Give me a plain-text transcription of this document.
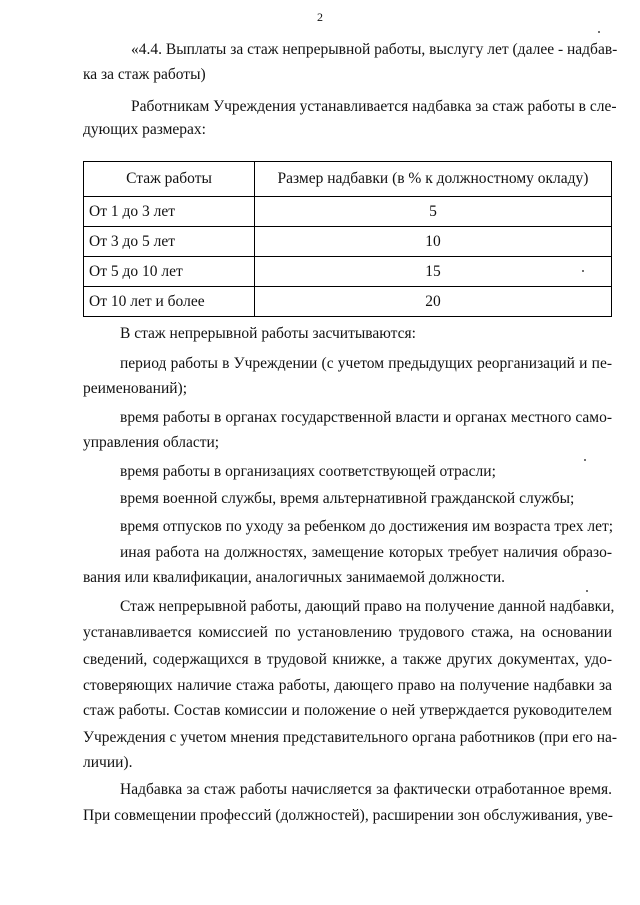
2
«4.4. Выплаты за стаж непрерывной работы, выслугу лет (далее - надбав-
ка за стаж работы)
Работникам Учреждения устанавливается надбавка за стаж работы в сле-
дующих размерах:
Стаж работы	Размер надбавки (в % к должностному окладу)
От 1 до 3 лет	5
От 3 до 5 лет	10
От 5 до 10 лет	15
От 10 лет и более	20
В стаж непрерывной работы засчитываются:
период работы в Учреждении (с учетом предыдущих реорганизаций и пе-
реименований);
время работы в органах государственной власти и органах местного само-
управления области;
время работы в организациях соответствующей отрасли;
время военной службы, время альтернативной гражданской службы;
время отпусков по уходу за ребенком до достижения им возраста трех лет;
иная работа на должностях, замещение которых требует наличия образо-
вания или квалификации, аналогичных занимаемой должности.
Стаж непрерывной работы, дающий право на получение данной надбавки,
устанавливается комиссией по установлению трудового стажа, на основании
сведений, содержащихся в трудовой книжке, а также других документах, удо-
стоверяющих наличие стажа работы, дающего право на получение надбавки за
стаж работы. Состав комиссии и положение о ней утверждается руководителем
Учреждения с учетом мнения представительного органа работников (при его на-
личии).
Надбавка за стаж работы начисляется за фактически отработанное время.
При совмещении профессий (должностей), расширении зон обслуживания, уве-
